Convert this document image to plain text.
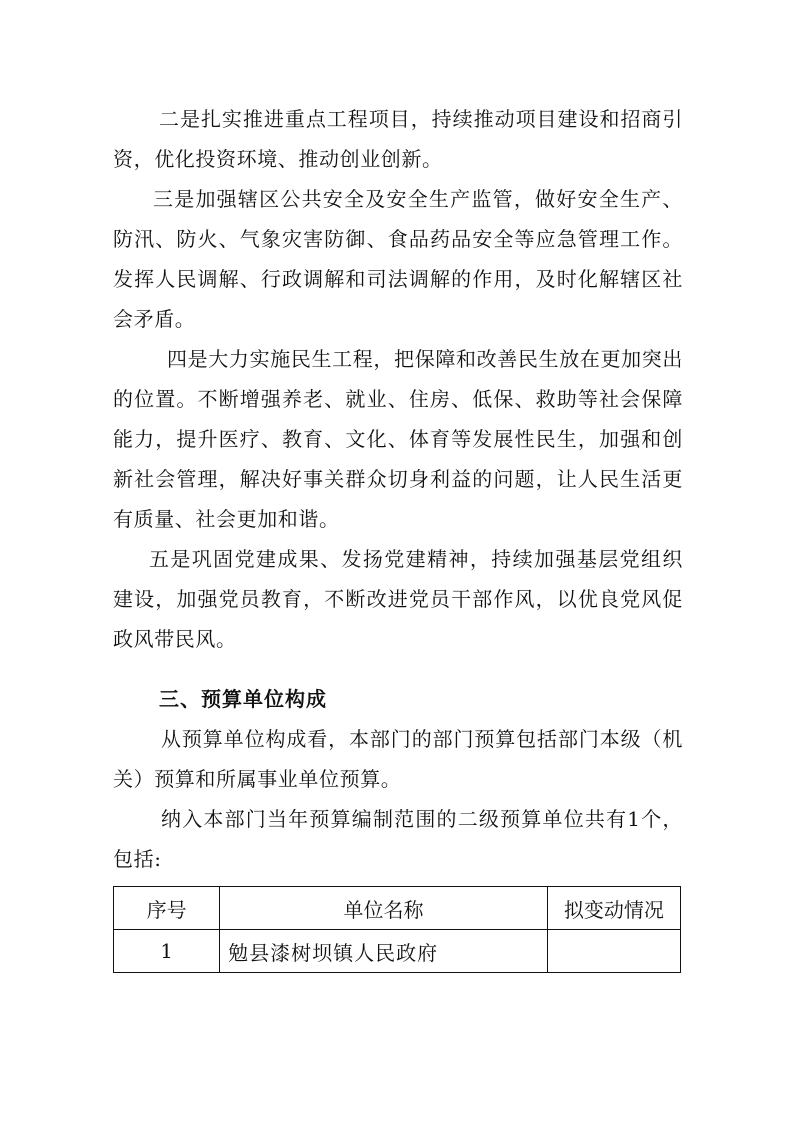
二是扎实推进重点工程项目，持续推动项目建设和招商引资，优化投资环境、推动创业创新。

三是加强辖区公共安全及安全生产监管，做好安全生产、防汛、防火、气象灾害防御、食品药品安全等应急管理工作。发挥人民调解、行政调解和司法调解的作用，及时化解辖区社会矛盾。

四是大力实施民生工程，把保障和改善民生放在更加突出的位置。不断增强养老、就业、住房、低保、救助等社会保障能力，提升医疗、教育、文化、体育等发展性民生，加强和创新社会管理，解决好事关群众切身利益的问题，让人民生活更有质量、社会更加和谐。

五是巩固党建成果、发扬党建精神，持续加强基层党组织建设，加强党员教育，不断改进党员干部作风，以优良党风促政风带民风。

三、预算单位构成

从预算单位构成看，本部门的部门预算包括部门本级（机关）预算和所属事业单位预算。

纳入本部门当年预算编制范围的二级预算单位共有1个，包括:

序号	单位名称	拟变动情况
1	勉县漆树坝镇人民政府	
